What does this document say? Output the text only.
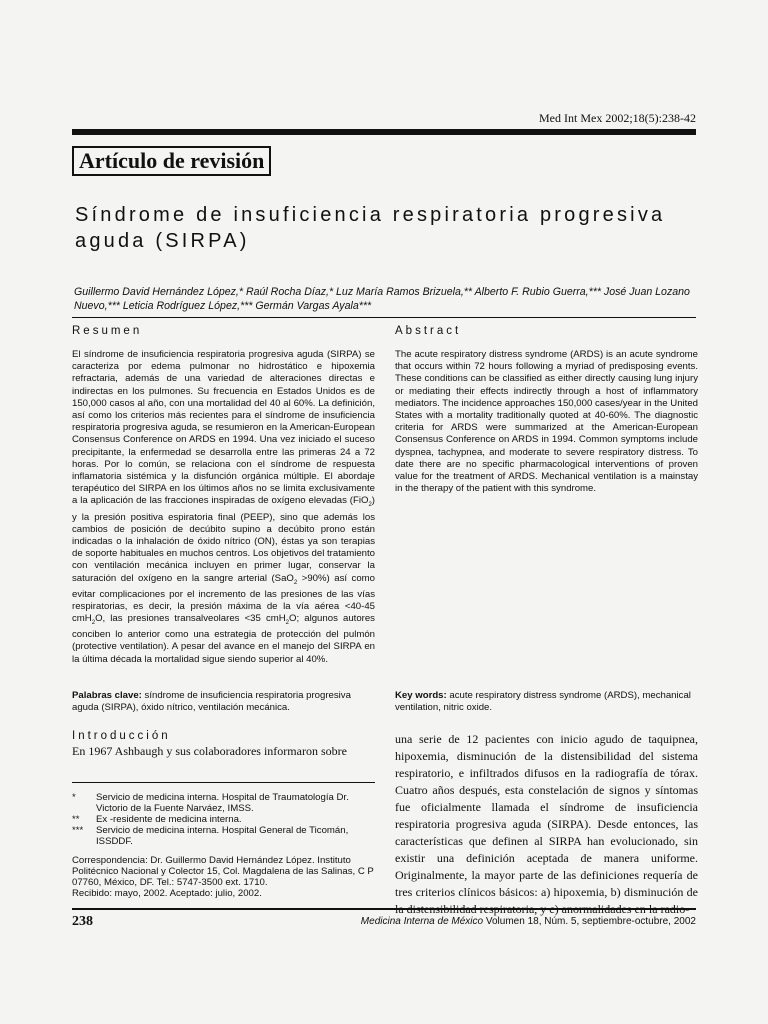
Med Int Mex 2002;18(5):238-42
Artículo de revisión
Síndrome de insuficiencia respiratoria progresiva aguda (SIRPA)
Guillermo David Hernández López,* Raúl Rocha Díaz,* Luz María Ramos Brizuela,** Alberto F. Rubio Guerra,*** José Juan Lozano Nuevo,*** Leticia Rodríguez López,*** Germán Vargas Ayala***
Resumen

El síndrome de insuficiencia respiratoria progresiva aguda (SIRPA) se caracteriza por edema pulmonar no hidrostático e hipoxemia refractaria, además de una variedad de alteraciones directas e indirectas en los pulmones. Su frecuencia en Estados Unidos es de 150,000 casos al año, con una mortalidad del 40 al 60%. La definición, así como los criterios más recientes para el síndrome de insuficiencia respiratoria progresiva aguda, se resumieron en la American-European Consensus Conference on ARDS en 1994. Una vez iniciado el suceso precipitante, la enfermedad se desarrolla entre las primeras 24 a 72 horas. Por lo común, se relaciona con el síndrome de respuesta inflamatoria sistémica y la disfunción orgánica múltiple. El abordaje terapéutico del SIRPA en los últimos años no se limita exclusivamente a la aplicación de las fracciones inspiradas de oxígeno elevadas (FiO$_2$) y la presión positiva espiratoria final (PEEP), sino que además los cambios de posición de decúbito supino a decúbito prono están indicadas o la inhalación de óxido nítrico (ON), éstas ya son terapias de soporte habituales en muchos centros. Los objetivos del tratamiento con ventilación mecánica incluyen en primer lugar, conservar la saturación del oxígeno en la sangre arterial (SaO$_2$ >90%) así como evitar complicaciones por el incremento de las presiones de las vías respiratorias, es decir, la presión máxima de la vía aérea <40-45 cmH$_2$O, las presiones transalveolares <35 cmH$_2$O; algunos autores conciben lo anterior como una estrategia de protección del pulmón (protective ventilation). A pesar del avance en el manejo del SIRPA en la última década la mortalidad sigue siendo superior al 40%.

Abstract

The acute respiratory distress syndrome (ARDS) is an acute syndrome that occurs within 72 hours following a myriad of predisposing events. These conditions can be classified as either directly causing lung injury or mediating their effects indirectly through a host of inflammatory mediators. The incidence approaches 150,000 cases/year in the United States with a mortality traditionally quoted at 40-60%. The diagnostic criteria for ARDS were summarized at the American-European Consensus Conference on ARDS in 1994. Common symptoms include dyspnea, tachypnea, and moderate to severe respiratory distress. To date there are no specific pharmacological interventions of proven value for the treatment of ARDS. Mechanical ventilation is a mainstay in the therapy of the patient with this syndrome.

Palabras clave: síndrome de insuficiencia respiratoria progresiva aguda (SIRPA), óxido nítrico, ventilación mecánica.

Key words: acute respiratory distress syndrome (ARDS), mechanical ventilation, nitric oxide.

Introducción

En 1967 Ashbaugh y sus colaboradores informaron sobre

una serie de 12 pacientes con inicio agudo de taquipnea, hipoxemia, disminución de la distensibilidad del sistema respiratorio, e infiltrados difusos en la radiografía de tórax. Cuatro años después, esta constelación de signos y síntomas fue oficialmente llamada el síndrome de insuficiencia respiratoria progresiva aguda (SIRPA). Desde entonces, las características que definen al SIRPA han evolucionado, sin existir una definición aceptada de manera uniforme. Originalmente, la mayor parte de las definiciones requería de tres criterios clínicos básicos: a) hipoxemia, b) disminución de

*	Servicio de medicina interna. Hospital de Traumatología Dr. Victorio de la Fuente Narváez, IMSS.
**	Ex -residente de medicina interna.
***	Servicio de medicina interna. Hospital General de Ticomán, ISSDDF.
Correspondencia: Dr. Guillermo David Hernández López. Instituto Politécnico Nacional y Colector 15, Col. Magdalena de las Salinas, C P 07760, México, DF. Tel.: 5747-3500 ext. 1710.
Recibido: mayo, 2002. Aceptado: julio, 2002.
238	Medicina Interna de México Volumen 18, Núm. 5, septiembre-octubre, 2002
